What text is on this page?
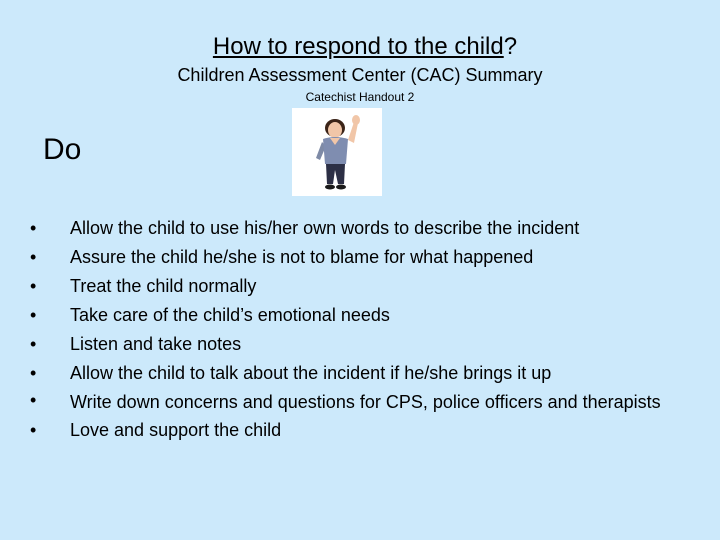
How to respond to the child?
Children Assessment Center (CAC) Summary
Catechist Handout 2
Do
• Allow the child to use his/her own words to describe the incident
• Assure the child he/she is not to blame for what happened
• Treat the child normally
• Take care of the child’s emotional needs
• Listen and take notes
• Allow the child to talk about the incident if he/she brings it up
• Write down concerns and questions for CPS, police officers and therapists
• Love and support the child
